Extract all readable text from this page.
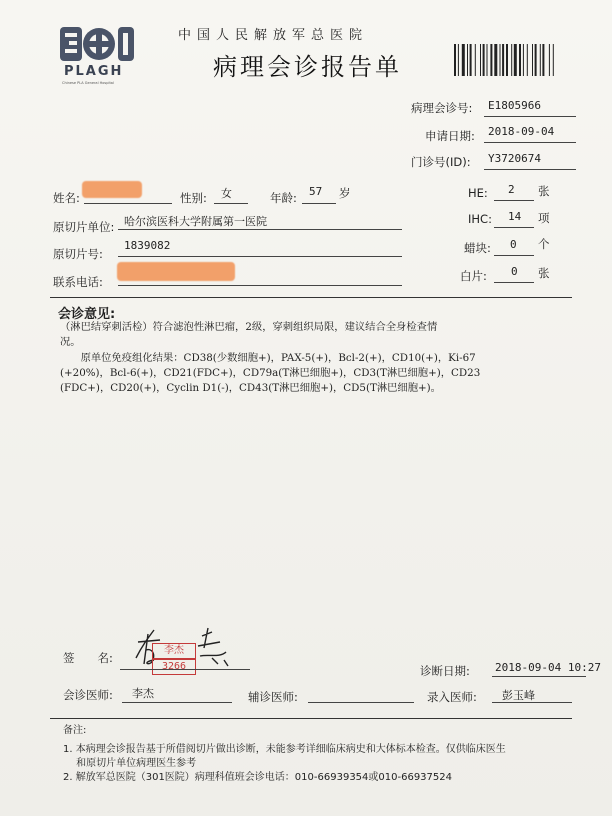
PLAGH
Chinese PLA General Hospital
中国人民解放军总医院
病理会诊报告单
病理会诊号: E1805966
申请日期: 2018-09-04
门诊号(ID): Y3720674
姓名:	性别: 女	年龄: 57 岁	HE: 2 张
原切片单位: 哈尔滨医科大学附属第一医院	IHC: 14 项
原切片号:
1839082	蜡块: 0 个
联系电话:	白片: 0 张
会诊意见:
（淋巴结穿刺活检）符合滤泡性淋巴瘤，2级，穿刺组织局限，建议结合全身检查情
况。
　　原单位免疫组化结果：CD38(少数细胞+)，PAX-5(+)，Bcl-2(+)，CD10(+)，Ki-67
(+20%)，Bcl-6(+)，CD21(FDC+)，CD79a(T淋巴细胞+)，CD3(T淋巴细胞+)，CD23
(FDC+)，CD20(+)，Cyclin D1(-)，CD43(T淋巴细胞+)，CD5(T淋巴细胞+)。
签　　名:
李杰
3266	诊断日期: 2018-09-04 10:27
会诊医师: 李杰	辅诊医师:	录入医师: 彭玉峰
备注:
1. 本病理会诊报告基于所借阅切片做出诊断，未能参考详细临床病史和大体标本检查。仅供临床医生
　 和原切片单位病理医生参考
2. 解放军总医院（301医院）病理科值班会诊电话：010-66939354或010-66937524
